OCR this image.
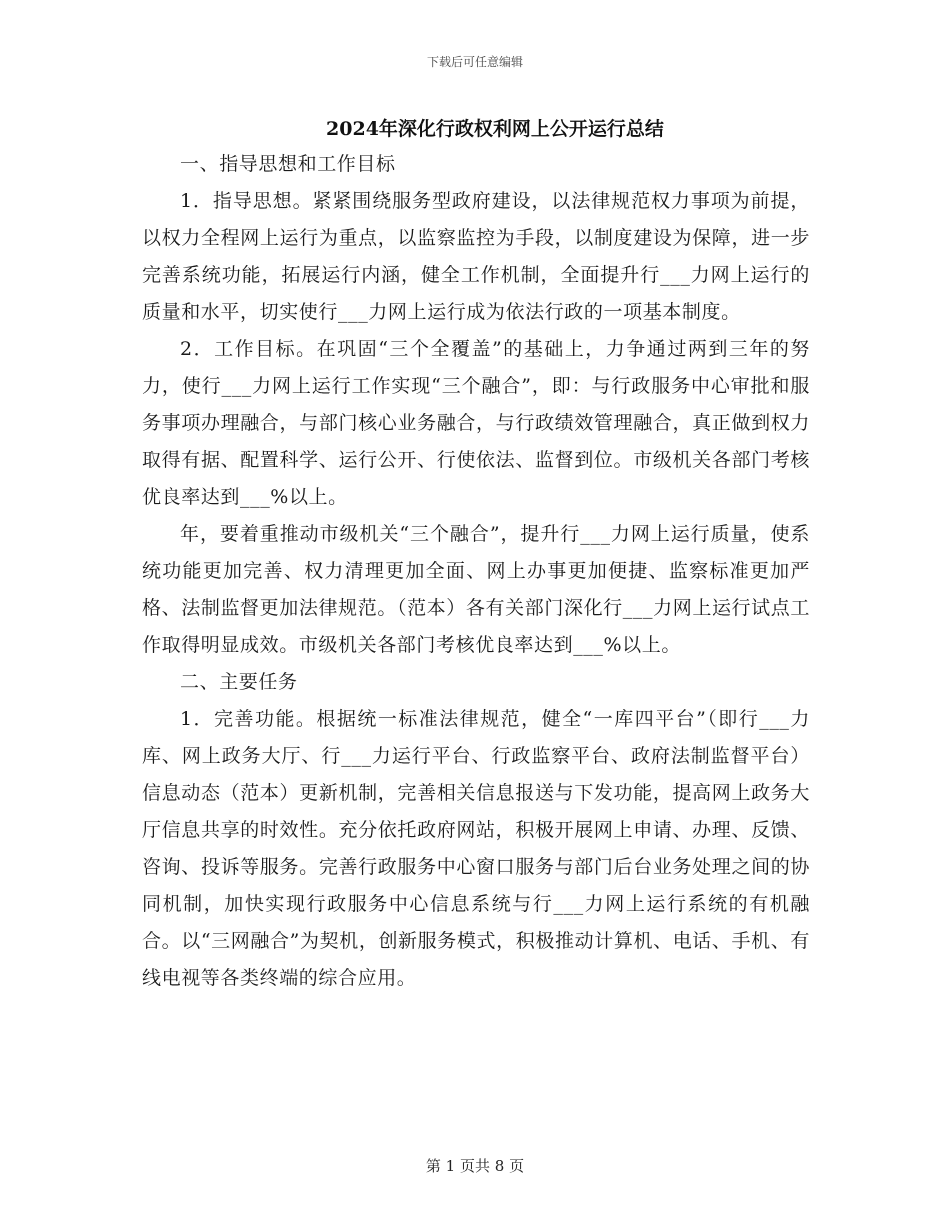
下载后可任意编辑
2024年深化行政权利网上公开运行总结

一、指导思想和工作目标

1．指导思想。紧紧围绕服务型政府建设，以法律规范权力事项为前提，以权力全程网上运行为重点，以监察监控为手段，以制度建设为保障，进一步完善系统功能，拓展运行内涵，健全工作机制，全面提升行___力网上运行的质量和水平，切实使行___力网上运行成为依法行政的一项基本制度。

2．工作目标。在巩固“三个全覆盖”的基础上，力争通过两到三年的努力，使行___力网上运行工作实现“三个融合”，即：与行政服务中心审批和服务事项办理融合，与部门核心业务融合，与行政绩效管理融合，真正做到权力取得有据、配置科学、运行公开、行使依法、监督到位。市级机关各部门考核优良率达到___%以上。

年，要着重推动市级机关“三个融合”，提升行___力网上运行质量，使系统功能更加完善、权力清理更加全面、网上办事更加便捷、监察标准更加严格、法制监督更加法律规范。（范本）各有关部门深化行___力网上运行试点工作取得明显成效。市级机关各部门考核优良率达到___%以上。

二、主要任务

1．完善功能。根据统一标准法律规范，健全“一库四平台”（即行___力库、网上政务大厅、行___力运行平台、行政监察平台、政府法制监督平台）信息动态（范本）更新机制，完善相关信息报送与下发功能，提高网上政务大厅信息共享的时效性。充分依托政府网站，积极开展网上申请、办理、反馈、咨询、投诉等服务。完善行政服务中心窗口服务与部门后台业务处理之间的协同机制，加快实现行政服务中心信息系统与行___力网上运行系统的有机融合。以“三网融合”为契机，创新服务模式，积极推动计算机、电话、手机、有线电视等各类终端的综合应用。

第 1 页共 8 页
